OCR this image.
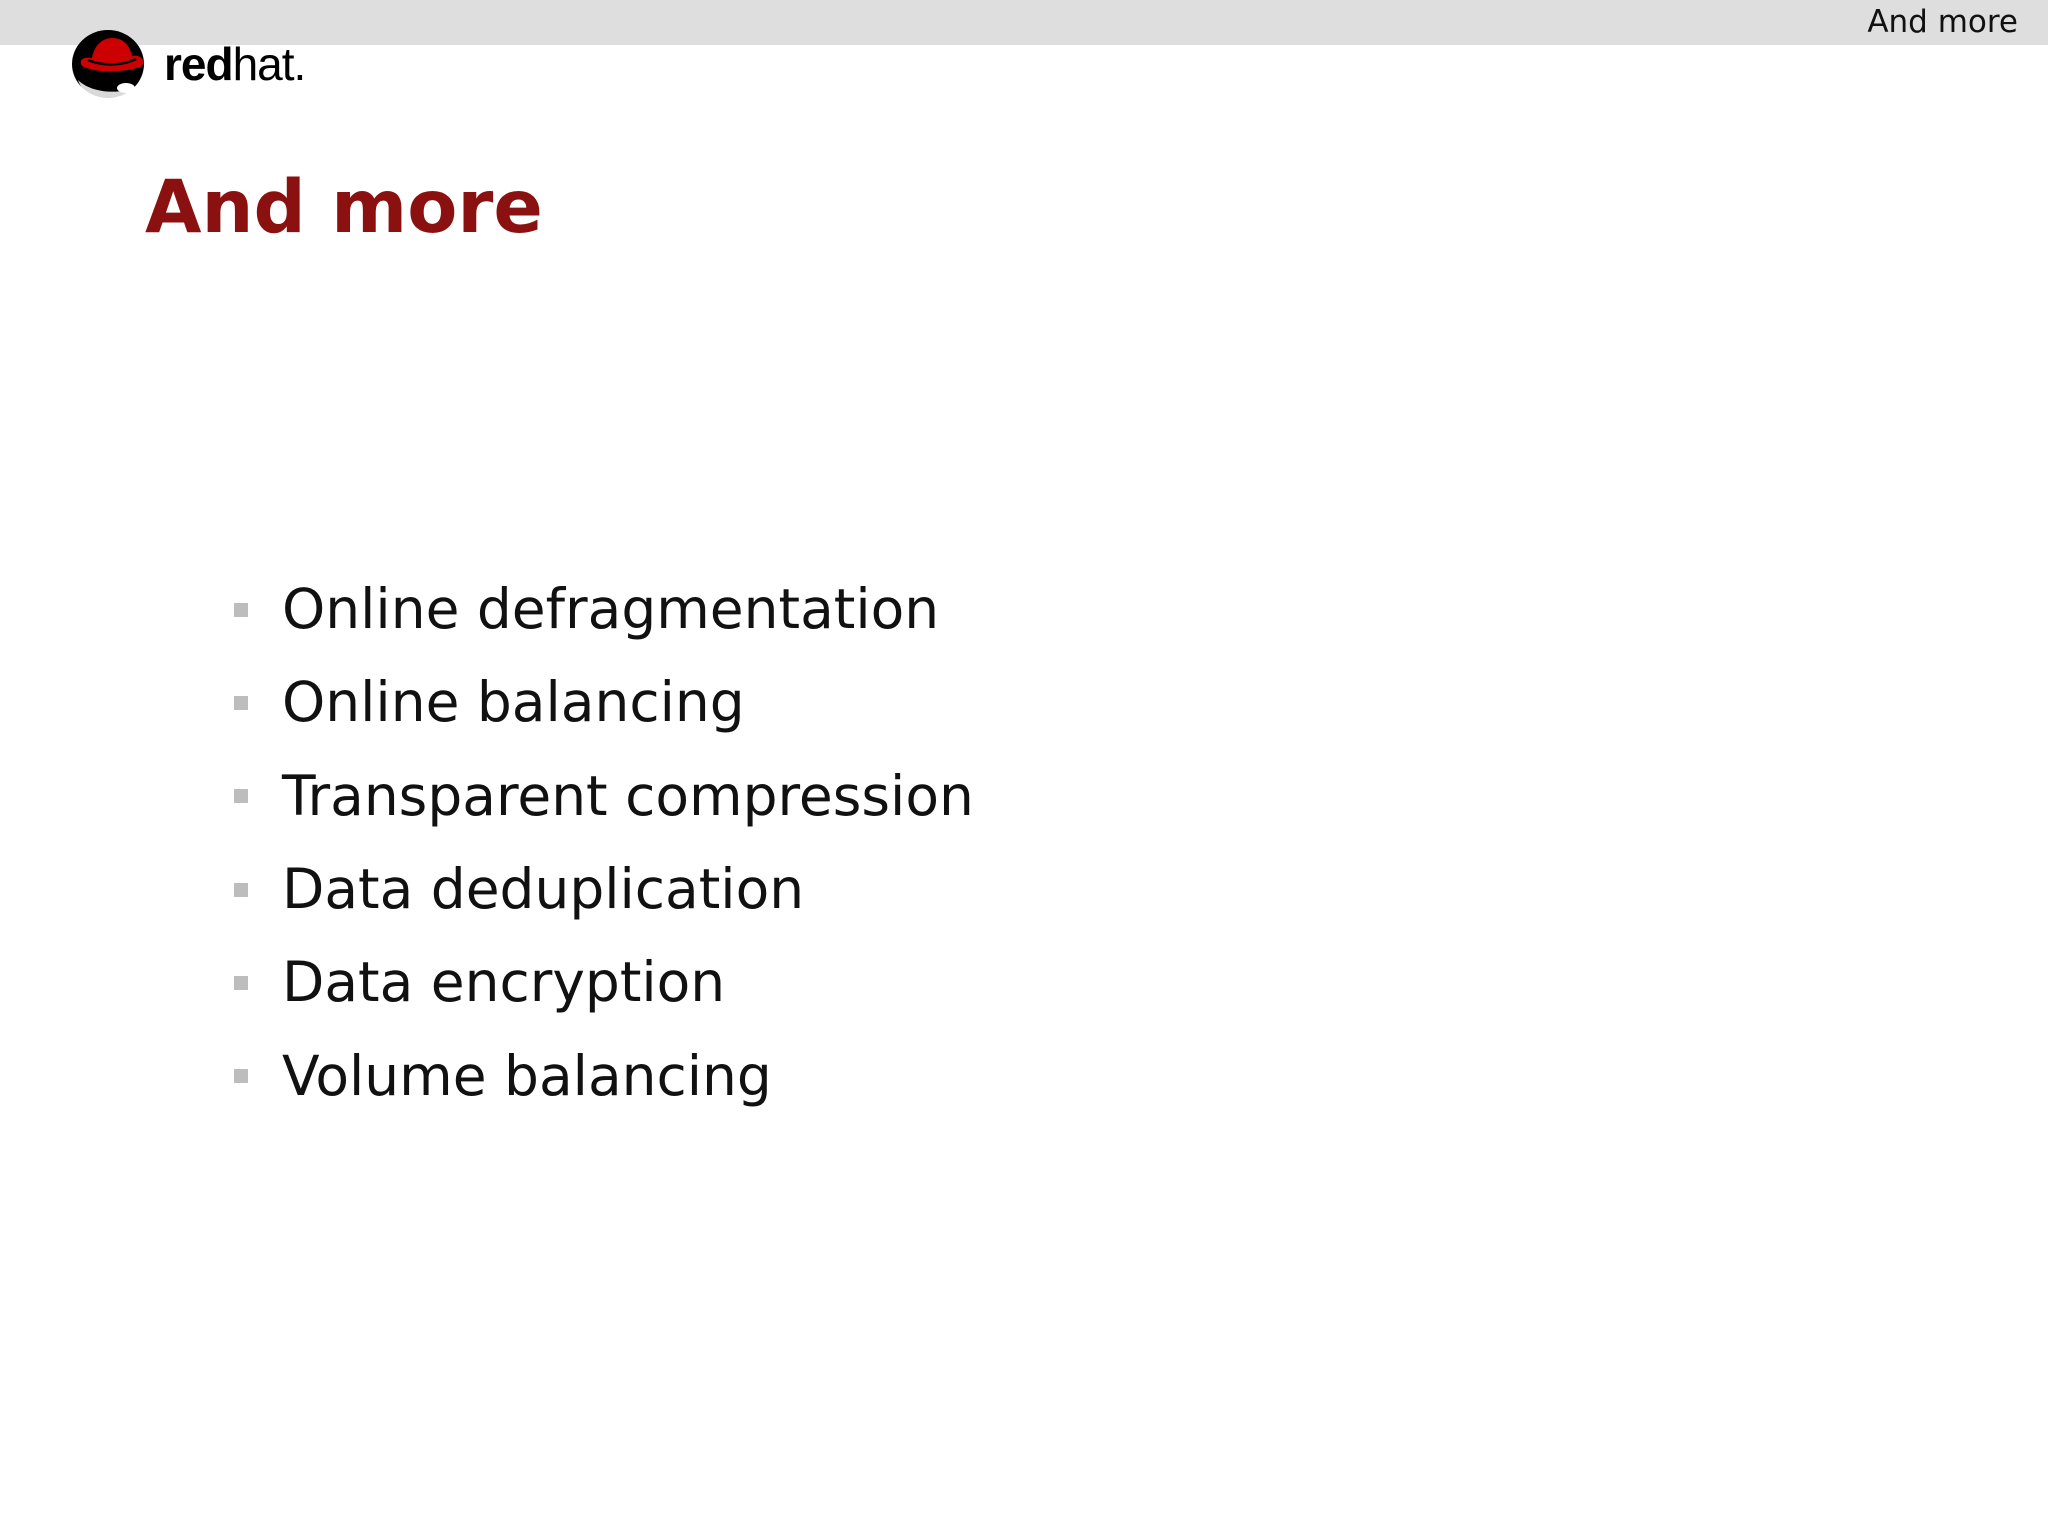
And more
redhat.
And more
Online defragmentation
Online balancing
Transparent compression
Data deduplication
Data encryption
Volume balancing
